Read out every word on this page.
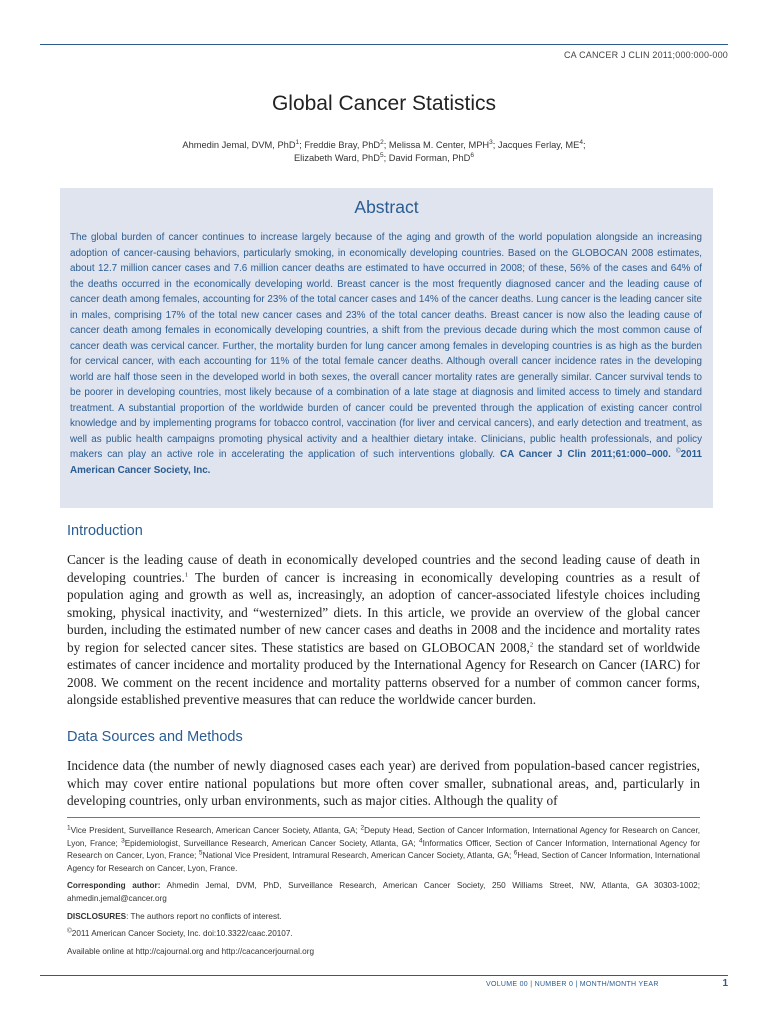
CA CANCER J CLIN 2011;000:000-000
Global Cancer Statistics
Ahmedin Jemal, DVM, PhD$^1$; Freddie Bray, PhD$^2$; Melissa M. Center, MPH$^3$; Jacques Ferlay, $ME^4$;
Elizabeth Ward, PhD$^5$; David Forman, PhD$^6$
Abstract
The global burden of cancer continues to increase largely because of the aging and growth of the world population alongside an increasing adoption of cancer-causing behaviors, particularly smoking, in economically developing countries. Based on the GLOBOCAN 2008 estimates, about 12.7 million cancer cases and 7.6 million cancer deaths are estimated to have occurred in 2008; of these, 56% of the cases and 64% of the deaths occurred in the economically developing world. Breast cancer is the most frequently diagnosed cancer and the leading cause of cancer death among females, accounting for 23% of the total cancer cases and 14% of the cancer deaths. Lung cancer is the leading cancer site in males, comprising 17% of the total new cancer cases and 23% of the total cancer deaths. Breast cancer is now also the leading cause of cancer death among females in economically developing countries, a shift from the previous decade during which the most common cause of cancer death was cervical cancer. Further, the mortality burden for lung cancer among females in developing countries is as high as the burden for cervical cancer, with each accounting for 11% of the total female cancer deaths. Although overall cancer incidence rates in the developing world are half those seen in the developed world in both sexes, the overall cancer mortality rates are generally similar. Cancer survival tends to be poorer in developing countries, most likely because of a combination of a late stage at diagnosis and limited access to timely and standard treatment. A substantial proportion of the worldwide burden of cancer could be prevented through the application of existing cancer control knowledge and by implementing programs for tobacco control, vaccination (for liver and cervical cancers), and early detection and treatment, as well as public health campaigns promoting physical activity and a healthier dietary intake. Clinicians, public health professionals, and policy makers can play an active role in accelerating the application of such interventions globally. CA Cancer J Clin 2011;61:000–000. ©2011 American Cancer Society, Inc.
Introduction
Cancer is the leading cause of death in economically developed countries and the second leading cause of death in developing countries.$^1$ The burden of cancer is increasing in economically developing countries as a result of population aging and growth as well as, increasingly, an adoption of cancer-associated lifestyle choices including smoking, physical inactivity, and “westernized” diets. In this article, we provide an overview of the global cancer burden, including the estimated number of new cancer cases and deaths in 2008 and the incidence and mortality rates by region for selected cancer sites. These statistics are based on GLOBOCAN 2008,$^2$ the standard set of worldwide estimates of cancer incidence and mortality produced by the International Agency for Research on Cancer (IARC) for 2008. We comment on the recent incidence and mortality patterns observed for a number of common cancer forms, alongside established preventive measures that can reduce the worldwide cancer burden.
Data Sources and Methods
Incidence data (the number of newly diagnosed cases each year) are derived from population-based cancer registries, which may cover entire national populations but more often cover smaller, subnational areas, and, particularly in developing countries, only urban environments, such as major cities. Although the quality of
$^1$Vice President, Surveillance Research, American Cancer Society, Atlanta, GA; $^2$Deputy Head, Section of Cancer Information, International Agency for Research on Cancer, Lyon, France; $^3$Epidemiologist, Surveillance Research, American Cancer Society, Atlanta, GA; $^4$Informatics Officer, Section of Cancer Information, International Agency for Research on Cancer, Lyon, France; $^5$National Vice President, Intramural Research, American Cancer Society, Atlanta, GA; $^6$Head, Section of Cancer Information, International Agency for Research on Cancer, Lyon, France.
Corresponding author: Ahmedin Jemal, DVM, PhD, Surveillance Research, American Cancer Society, 250 Williams Street, NW, Atlanta, GA 30303-1002; ahmedin.jemal@cancer.org
DISCLOSURES: The authors report no conflicts of interest.
©2011 American Cancer Society, Inc. doi:10.3322/caac.20107.
Available online at http://cajournal.org and http://cacancerjournal.org
VOLUME 00 | NUMBER 0 | MONTH/MONTH YEAR	1
